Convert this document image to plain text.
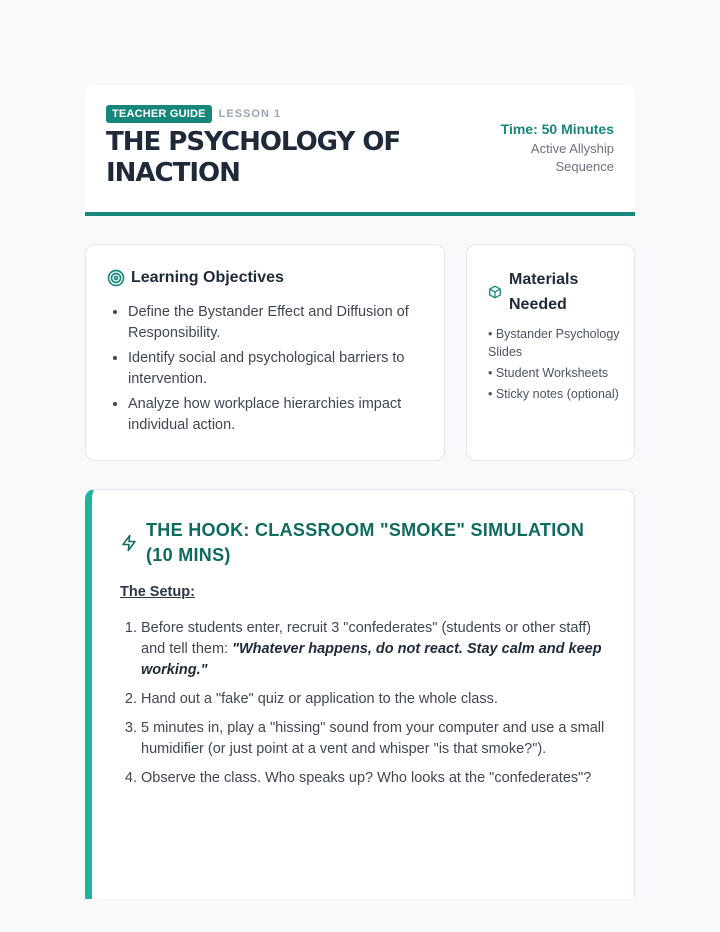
TEACHER GUIDE	LESSON 1
THE PSYCHOLOGY OF INACTION
Time: 50 Minutes
Active Allyship Sequence
Learning Objectives
• Define the Bystander Effect and Diffusion of Responsibility.
• Identify social and psychological barriers to intervention.
• Analyze how workplace hierarchies impact individual action.
Materials Needed
• Bystander Psychology Slides
• Student Worksheets
• Sticky notes (optional)
THE HOOK: CLASSROOM "SMOKE" SIMULATION (10 MINS)
The Setup:
1. Before students enter, recruit 3 "confederates" (students or other staff) and tell them: "Whatever happens, do not react. Stay calm and keep working."
2. Hand out a "fake" quiz or application to the whole class.
3. 5 minutes in, play a "hissing" sound from your computer and use a small humidifier (or just point at a vent and whisper "is that smoke?").
4. Observe the class. Who speaks up? Who looks at the "confederates"?
